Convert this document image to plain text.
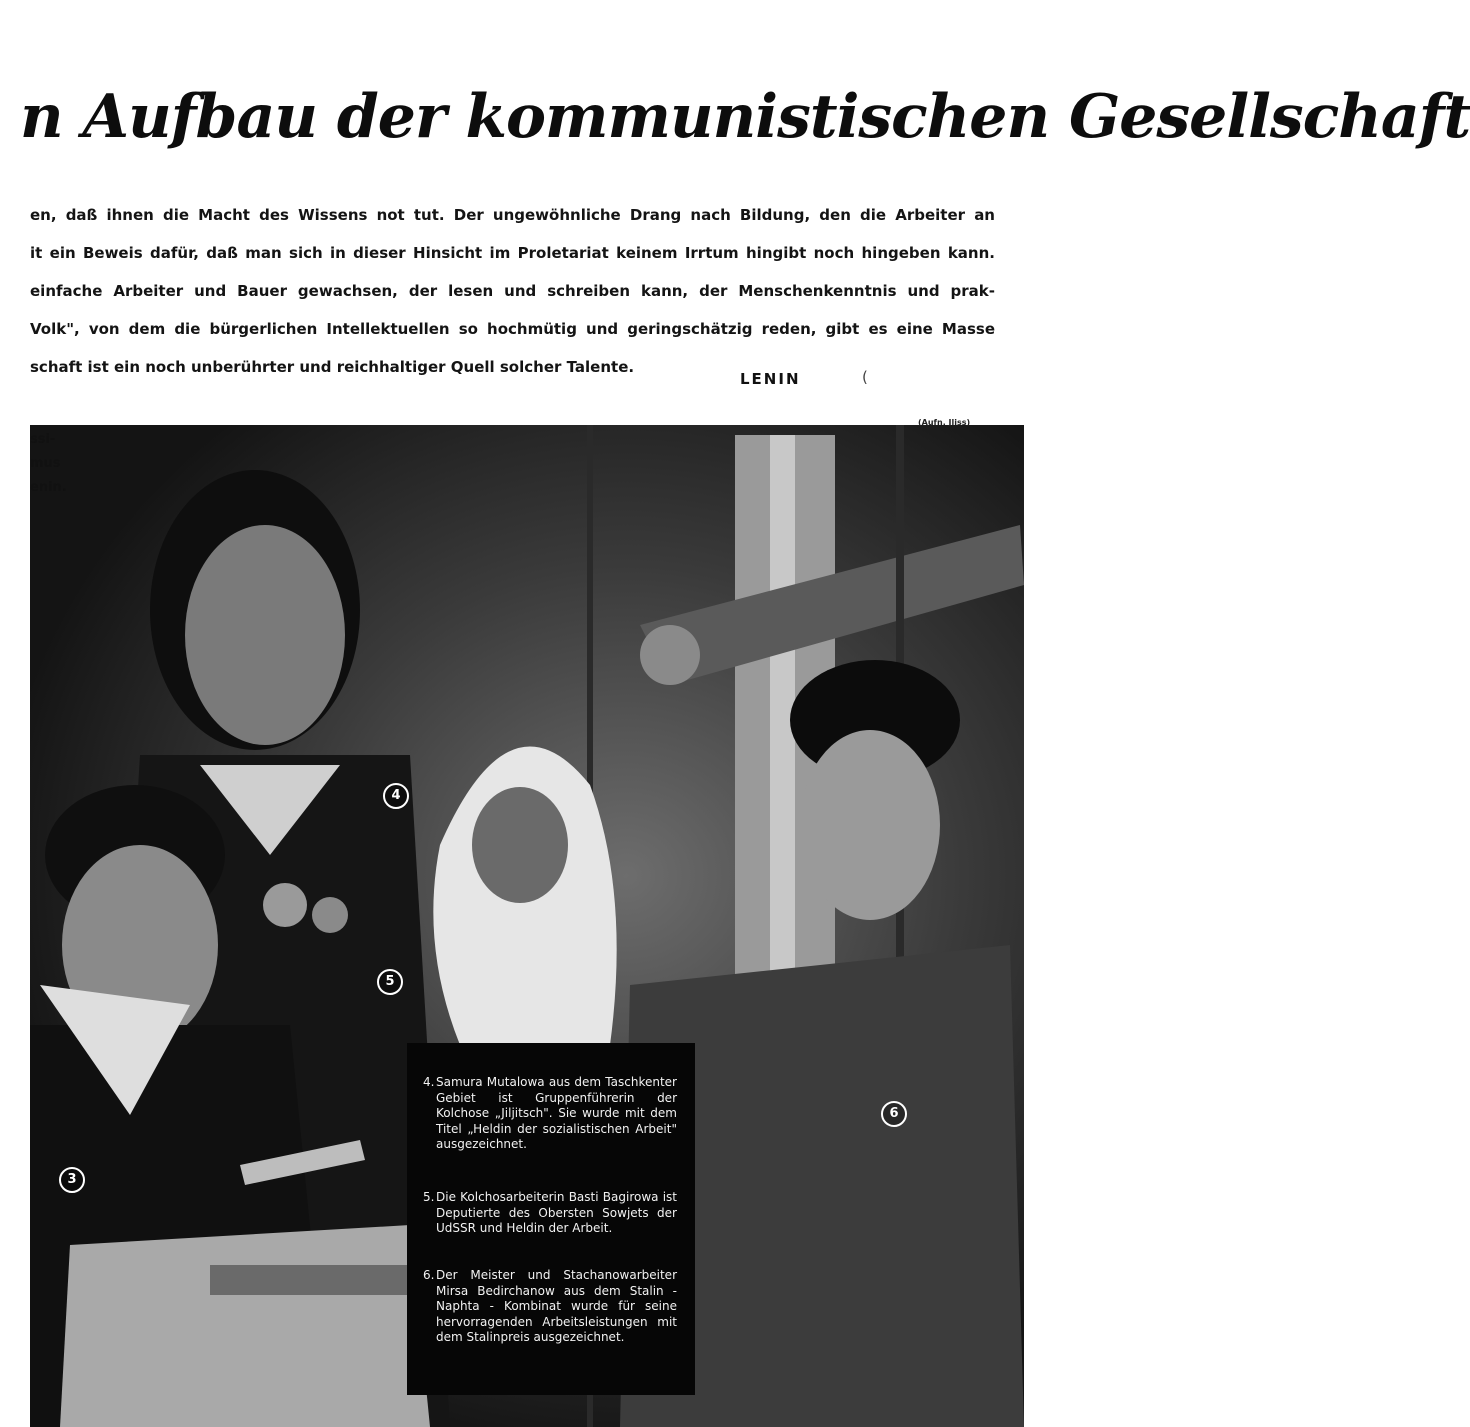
n Aufbau der kommunistischen Gesellschaft
en, daß ihnen die Macht des Wissens not tut. Der ungewöhnliche Drang nach Bildung, den die Arbeiter an
it ein Beweis dafür, daß man sich in dieser Hinsicht im Proletariat keinem Irrtum hingibt noch hingeben kann.
einfache Arbeiter und Bauer gewachsen, der lesen und schreiben kann, der Menschenkenntnis und prak-
Volk", von dem die bürgerlichen Intellektuellen so hochmütig und geringschätzig reden, gibt es eine Masse
schaft ist ein noch unberührter und reichhaltiger Quell solcher Talente.
LENIN	(
ssi-
mus
enin.
(Aufn. Jliss)
4
5
3
6
4. Samura Mutalowa aus dem Taschkenter Gebiet ist Gruppenführerin der Kolchose „Jiljitsch". Sie wurde mit dem Titel „Heldin der sozialistischen Arbeit" ausgezeichnet.
5. Die Kolchosarbeiterin Basti Bagirowa ist Deputierte des Obersten Sowjets der UdSSR und Heldin der Arbeit.
6. Der Meister und Stachanowarbeiter Mirsa Bedirchanow aus dem Stalin - Naphta - Kombinat wurde für seine hervorragenden Arbeitsleistungen mit dem Stalinpreis ausgezeichnet.
